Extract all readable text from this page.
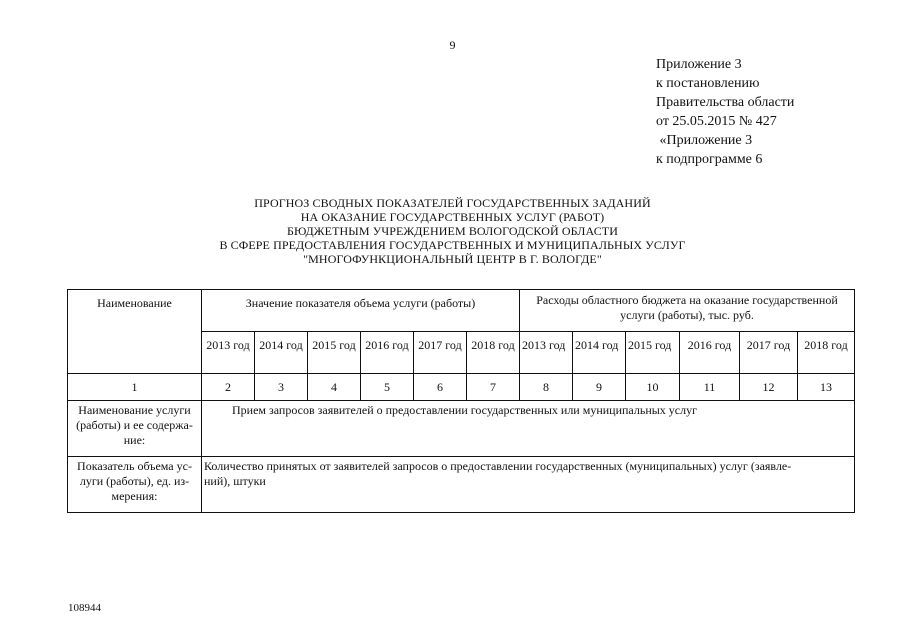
9
Приложение 3
к постановлению
Правительства области
от 25.05.2015 № 427
«Приложение 3
к подпрограмме 6
ПРОГНОЗ СВОДНЫХ ПОКАЗАТЕЛЕЙ ГОСУДАРСТВЕННЫХ ЗАДАНИЙ
НА ОКАЗАНИЕ ГОСУДАРСТВЕННЫХ УСЛУГ (РАБОТ)
БЮДЖЕТНЫМ УЧРЕЖДЕНИЕМ ВОЛОГОДСКОЙ ОБЛАСТИ
В СФЕРЕ ПРЕДОСТАВЛЕНИЯ ГОСУДАРСТВЕННЫХ И МУНИЦИПАЛЬНЫХ УСЛУГ
"МНОГОФУНКЦИОНАЛЬНЫЙ ЦЕНТР В Г. ВОЛОГДЕ"
Наименование	Значение показателя объема услуги (работы)						Расходы областного бюджета на оказание государственной услуги (работы), тыс. руб.					
	2013 год	2014 год	2015 год	2016 год	2017 год	2018 год	2013 год	2014 год	2015 год	2016 год	2017 год	2018 год
1	2	3	4	5	6	7	8	9	10	11	12	13
Наименование услуги (работы) и ее содержа-ние:	Прием запросов заявителей о предоставлении государственных или муниципальных услуг											
Показатель объема ус-луги (работы), ед. из-мерения:	Количество принятых от заявителей запросов о предоставлении государственных (муниципальных) услуг (заявле-ний), штуки											
108944
